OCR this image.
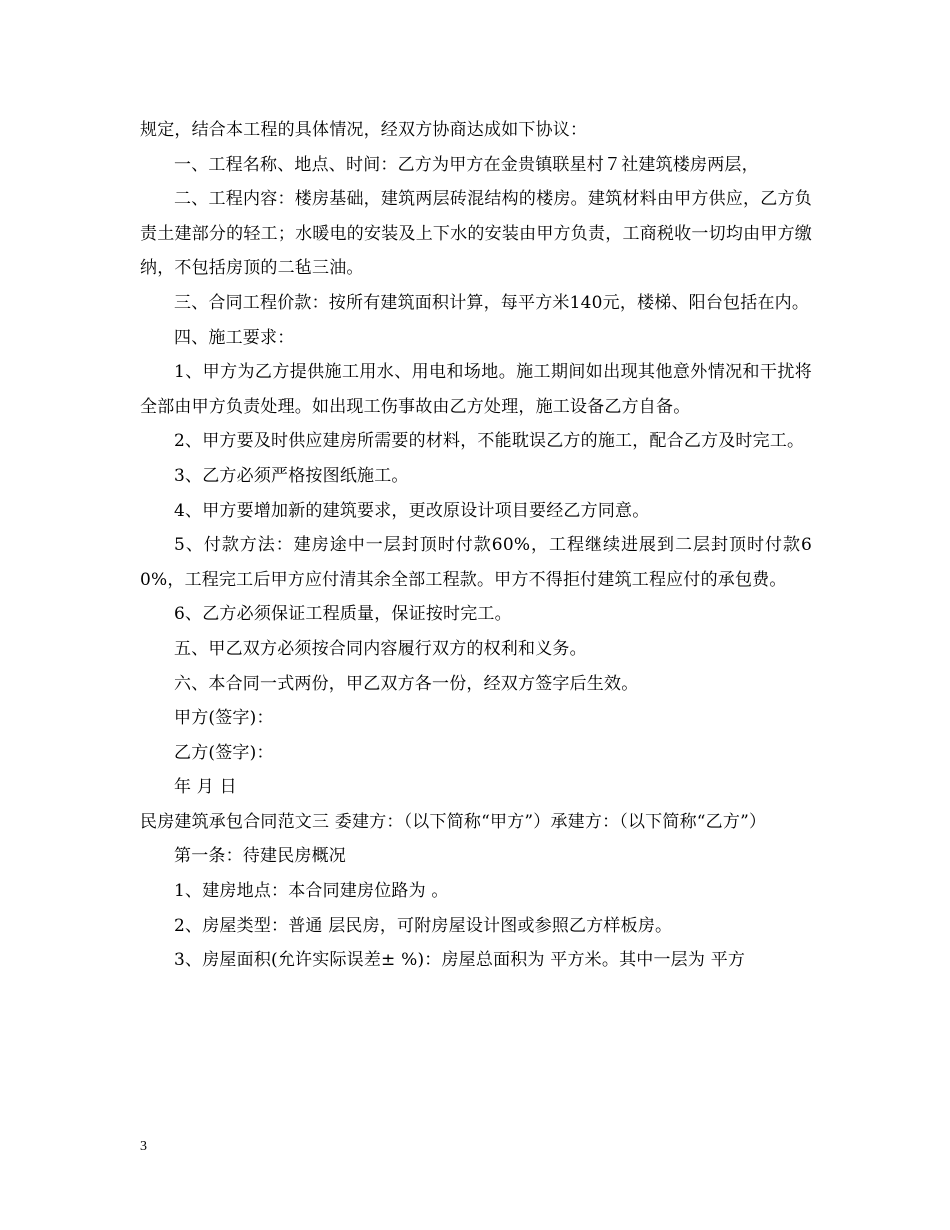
规定，结合本工程的具体情况，经双方协商达成如下协议：

一、工程名称、地点、时间：乙方为甲方在金贵镇联星村７社建筑楼房两层，

二、工程内容：楼房基础，建筑两层砖混结构的楼房。建筑材料由甲方供应，乙方负责土建部分的轻工；水暖电的安装及上下水的安装由甲方负责，工商税收一切均由甲方缴纳，不包括房顶的二毡三油。

三、合同工程价款：按所有建筑面积计算，每平方米140元，楼梯、阳台包括在内。

四、施工要求：

1、甲方为乙方提供施工用水、用电和场地。施工期间如出现其他意外情况和干扰将全部由甲方负责处理。如出现工伤事故由乙方处理，施工设备乙方自备。

2、甲方要及时供应建房所需要的材料，不能耽误乙方的施工，配合乙方及时完工。

3、乙方必须严格按图纸施工。

4、甲方要增加新的建筑要求，更改原设计项目要经乙方同意。

5、付款方法：建房途中一层封顶时付款60%，工程继续进展到二层封顶时付款60%，工程完工后甲方应付清其余全部工程款。甲方不得拒付建筑工程应付的承包费。

6、乙方必须保证工程质量，保证按时完工。

五、甲乙双方必须按合同内容履行双方的权利和义务。

六、本合同一式两份，甲乙双方各一份，经双方签字后生效。

甲方(签字)：

乙方(签字)：

年 月 日

民房建筑承包合同范文三 委建方：（以下简称“甲方”）承建方：（以下简称“乙方”）

第一条：待建民房概况

1、建房地点：本合同建房位路为 。

2、房屋类型：普通 层民房，可附房屋设计图或参照乙方样板房。

3、房屋面积(允许实际误差± %)：房屋总面积为 平方米。其中一层为 平方

3
